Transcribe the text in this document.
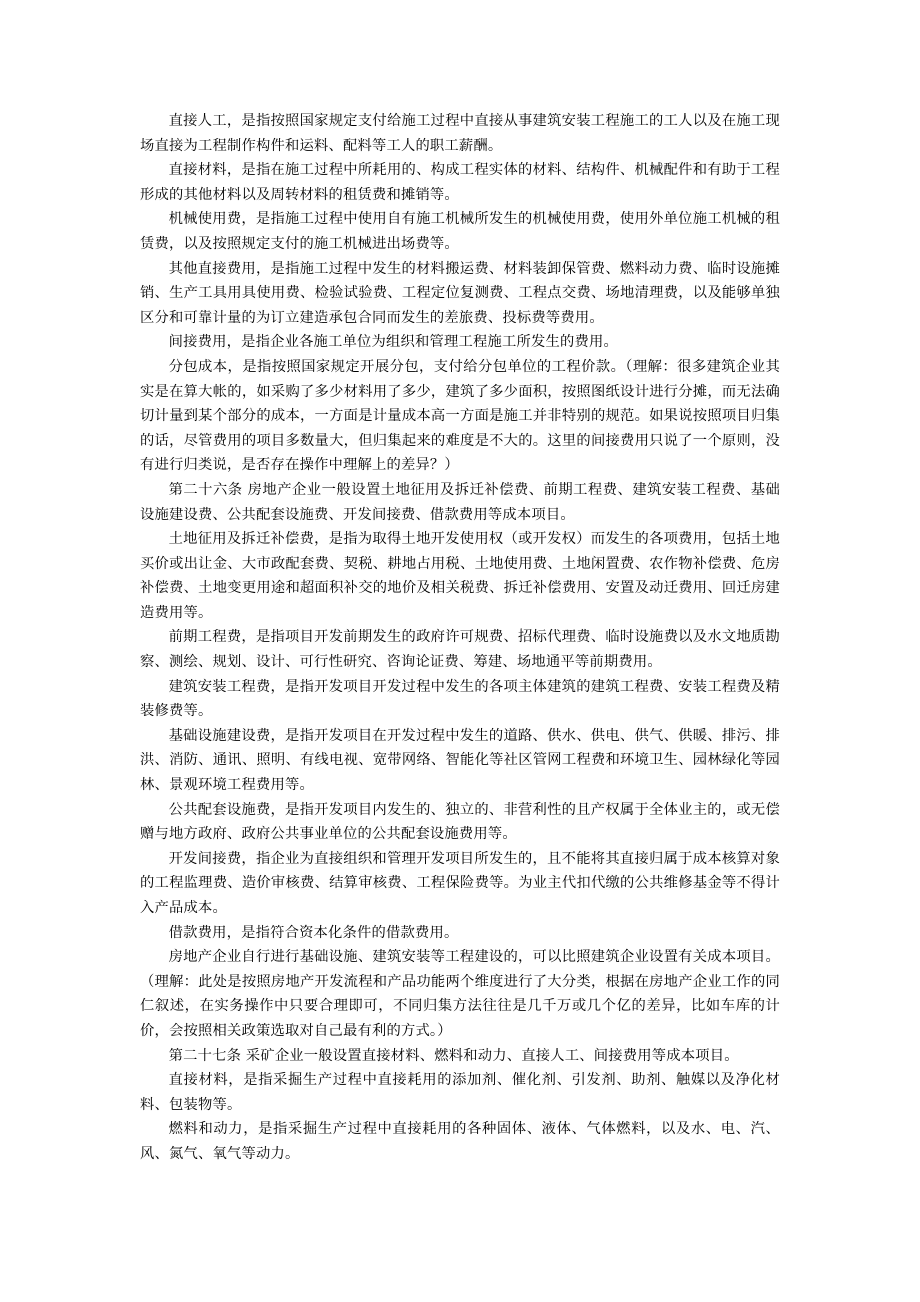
直接人工，是指按照国家规定支付给施工过程中直接从事建筑安装工程施工的工人以及在施工现场直接为工程制作构件和运料、配料等工人的职工薪酬。

直接材料，是指在施工过程中所耗用的、构成工程实体的材料、结构件、机械配件和有助于工程形成的其他材料以及周转材料的租赁费和摊销等。

机械使用费，是指施工过程中使用自有施工机械所发生的机械使用费，使用外单位施工机械的租赁费，以及按照规定支付的施工机械进出场费等。

其他直接费用，是指施工过程中发生的材料搬运费、材料装卸保管费、燃料动力费、临时设施摊销、生产工具用具使用费、检验试验费、工程定位复测费、工程点交费、场地清理费，以及能够单独区分和可靠计量的为订立建造承包合同而发生的差旅费、投标费等费用。

间接费用，是指企业各施工单位为组织和管理工程施工所发生的费用。

分包成本，是指按照国家规定开展分包，支付给分包单位的工程价款。（理解：很多建筑企业其实是在算大帐的，如采购了多少材料用了多少，建筑了多少面积，按照图纸设计进行分摊，而无法确切计量到某个部分的成本，一方面是计量成本高一方面是施工并非特别的规范。如果说按照项目归集的话，尽管费用的项目多数量大，但归集起来的难度是不大的。这里的间接费用只说了一个原则，没有进行归类说，是否存在操作中理解上的差异？）

第二十六条 房地产企业一般设置土地征用及拆迁补偿费、前期工程费、建筑安装工程费、基础设施建设费、公共配套设施费、开发间接费、借款费用等成本项目。

土地征用及拆迁补偿费，是指为取得土地开发使用权（或开发权）而发生的各项费用，包括土地买价或出让金、大市政配套费、契税、耕地占用税、土地使用费、土地闲置费、农作物补偿费、危房补偿费、土地变更用途和超面积补交的地价及相关税费、拆迁补偿费用、安置及动迁费用、回迁房建造费用等。

前期工程费，是指项目开发前期发生的政府许可规费、招标代理费、临时设施费以及水文地质勘察、测绘、规划、设计、可行性研究、咨询论证费、筹建、场地通平等前期费用。

建筑安装工程费，是指开发项目开发过程中发生的各项主体建筑的建筑工程费、安装工程费及精装修费等。

基础设施建设费，是指开发项目在开发过程中发生的道路、供水、供电、供气、供暖、排污、排洪、消防、通讯、照明、有线电视、宽带网络、智能化等社区管网工程费和环境卫生、园林绿化等园林、景观环境工程费用等。

公共配套设施费，是指开发项目内发生的、独立的、非营利性的且产权属于全体业主的，或无偿赠与地方政府、政府公共事业单位的公共配套设施费用等。

开发间接费，指企业为直接组织和管理开发项目所发生的，且不能将其直接归属于成本核算对象的工程监理费、造价审核费、结算审核费、工程保险费等。为业主代扣代缴的公共维修基金等不得计入产品成本。

借款费用，是指符合资本化条件的借款费用。

房地产企业自行进行基础设施、建筑安装等工程建设的，可以比照建筑企业设置有关成本项目。（理解：此处是按照房地产开发流程和产品功能两个维度进行了大分类，根据在房地产企业工作的同仁叙述，在实务操作中只要合理即可，不同归集方法往往是几千万或几个亿的差异，比如车库的计价，会按照相关政策选取对自己最有利的方式。）

第二十七条 采矿企业一般设置直接材料、燃料和动力、直接人工、间接费用等成本项目。

直接材料，是指采掘生产过程中直接耗用的添加剂、催化剂、引发剂、助剂、触媒以及净化材料、包装物等。

燃料和动力，是指采掘生产过程中直接耗用的各种固体、液体、气体燃料，以及水、电、汽、风、氮气、氧气等动力。
